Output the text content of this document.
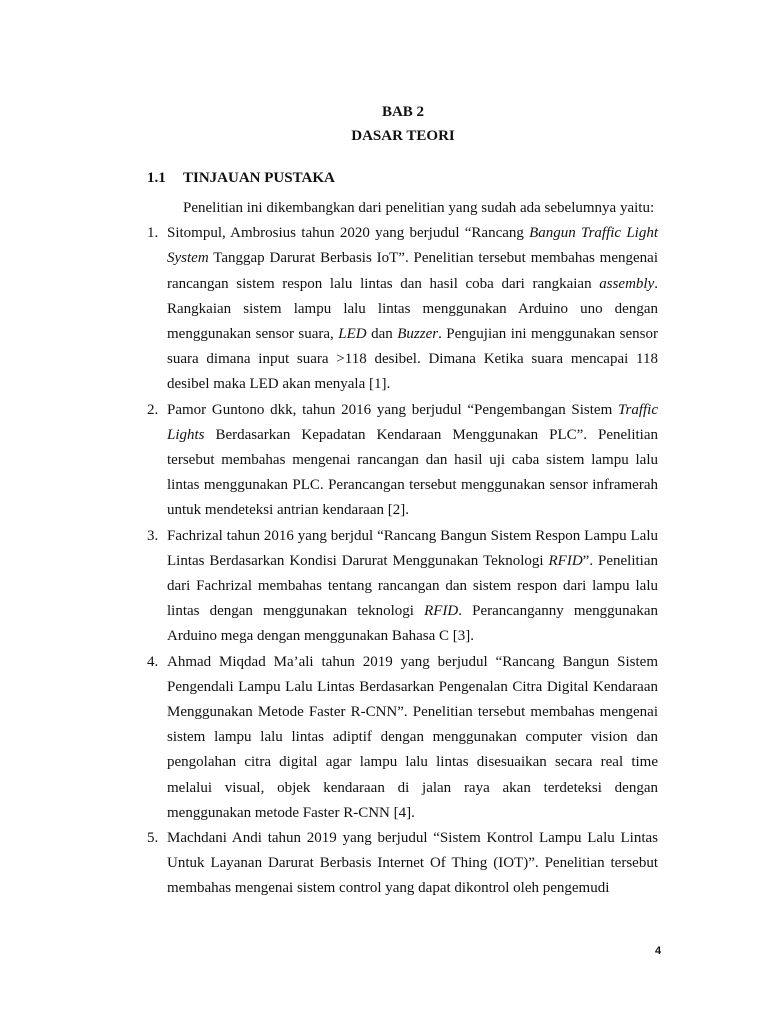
BAB 2
DASAR TEORI
1.1 TINJAUAN PUSTAKA

Penelitian ini dikembangkan dari penelitian yang sudah ada sebelumnya yaitu:

1. Sitompul, Ambrosius tahun 2020 yang berjudul “Rancang Bangun Traffic Light System Tanggap Darurat Berbasis IoT”. Penelitian tersebut membahas mengenai rancangan sistem respon lalu lintas dan hasil coba dari rangkaian assembly. Rangkaian sistem lampu lalu lintas menggunakan Arduino uno dengan menggunakan sensor suara, LED dan Buzzer. Pengujian ini menggunakan sensor suara dimana input suara >118 desibel. Dimana Ketika suara mencapai 118 desibel maka LED akan menyala [1].
2. Pamor Guntono dkk, tahun 2016 yang berjudul “Pengembangan Sistem Traffic Lights Berdasarkan Kepadatan Kendaraan Menggunakan PLC”. Penelitian tersebut membahas mengenai rancangan dan hasil uji caba sistem lampu lalu lintas menggunakan PLC. Perancangan tersebut menggunakan sensor inframerah untuk mendeteksi antrian kendaraan [2].
3. Fachrizal tahun 2016 yang berjdul “Rancang Bangun Sistem Respon Lampu Lalu Lintas Berdasarkan Kondisi Darurat Menggunakan Teknologi RFID”. Penelitian dari Fachrizal membahas tentang rancangan dan sistem respon dari lampu lalu lintas dengan menggunakan teknologi RFID. Perancanganny menggunakan Arduino mega dengan menggunakan Bahasa C [3].
4. Ahmad Miqdad Ma’ali tahun 2019 yang berjudul “Rancang Bangun Sistem Pengendali Lampu Lalu Lintas Berdasarkan Pengenalan Citra Digital Kendaraan Menggunakan Metode Faster R-CNN”. Penelitian tersebut membahas mengenai sistem lampu lalu lintas adiptif dengan menggunakan computer vision dan pengolahan citra digital agar lampu lalu lintas disesuaikan secara real time melalui visual, objek kendaraan di jalan raya akan terdeteksi dengan menggunakan metode Faster R-CNN [4].
5. Machdani Andi tahun 2019 yang berjudul “Sistem Kontrol Lampu Lalu Lintas Untuk Layanan Darurat Berbasis Internet Of Thing (IOT)”. Penelitian tersebut membahas mengenai sistem control yang dapat dikontrol oleh pengemudi
4
